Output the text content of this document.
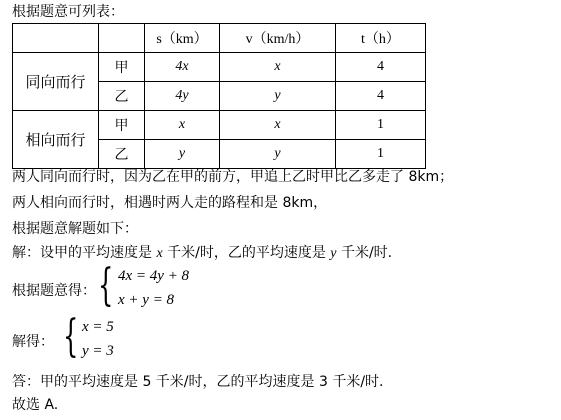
根据题意可列表：
		s（km）	v（km/h）	t（h）
同向而行	甲	4x	x	4
	乙	4y	y	4
相向而行	甲	x	x	1
	乙	y	y	1
两人同向而行时，因为乙在甲的前方，甲追上乙时甲比乙多走了 8km；
两人相向而行时，相遇时两人走的路程和是 8km，
根据题意解题如下：
解：设甲的平均速度是 x 千米/时，乙的平均速度是 y 千米/时.
根据题意得： { 4x = 4y + 8
x + y = 8
解得： { x = 5
y = 3
答：甲的平均速度是 5 千米/时，乙的平均速度是 3 千米/时.
故选 A.
